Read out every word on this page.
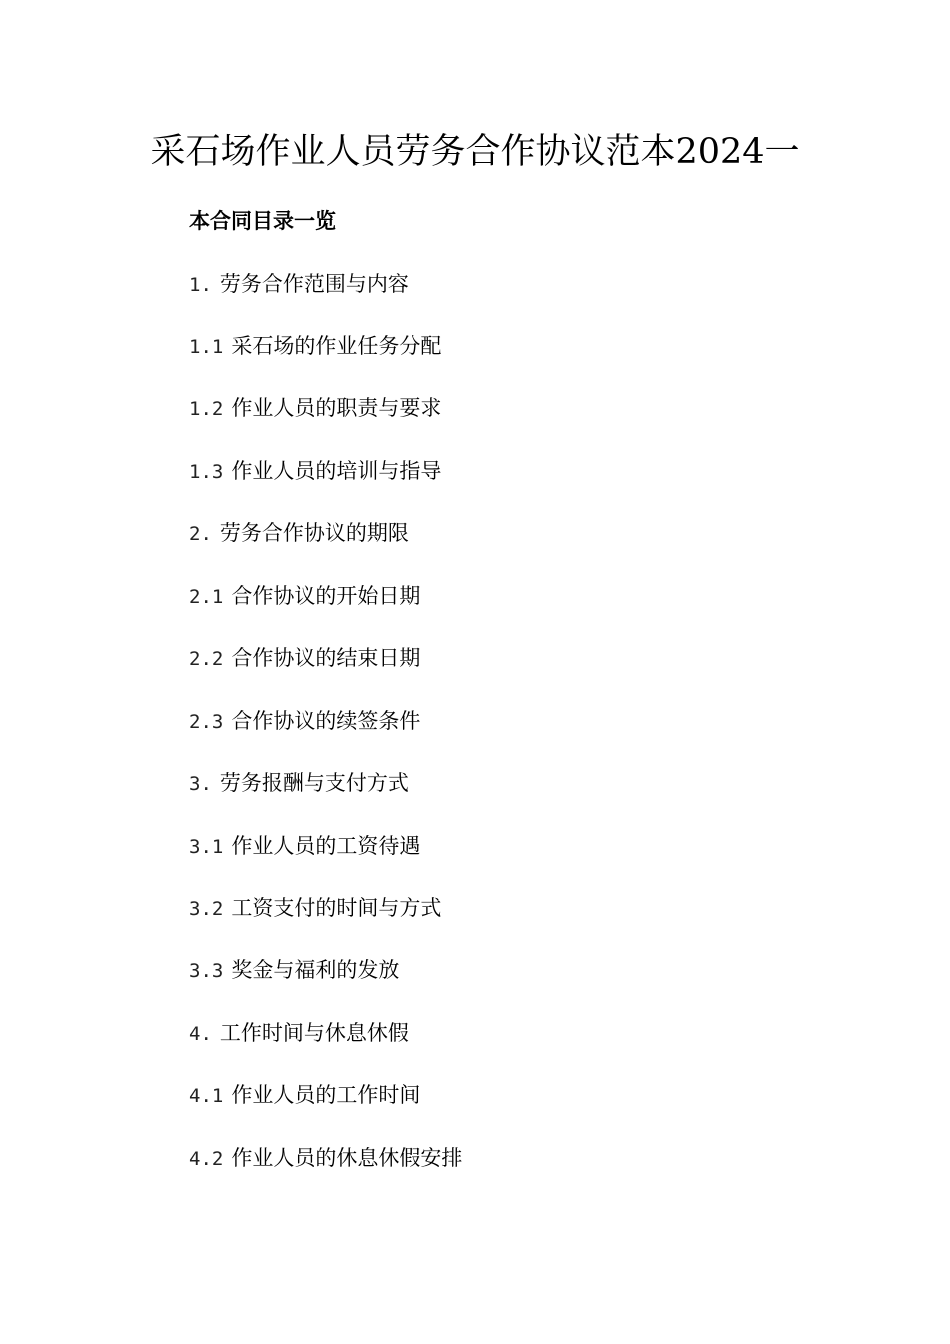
采石场作业人员劳务合作协议范本2024一
本合同目录一览
1. 劳务合作范围与内容
1.1 采石场的作业任务分配
1.2 作业人员的职责与要求
1.3 作业人员的培训与指导
2. 劳务合作协议的期限
2.1 合作协议的开始日期
2.2 合作协议的结束日期
2.3 合作协议的续签条件
3. 劳务报酬与支付方式
3.1 作业人员的工资待遇
3.2 工资支付的时间与方式
3.3 奖金与福利的发放
4. 工作时间与休息休假
4.1 作业人员的工作时间
4.2 作业人员的休息休假安排
